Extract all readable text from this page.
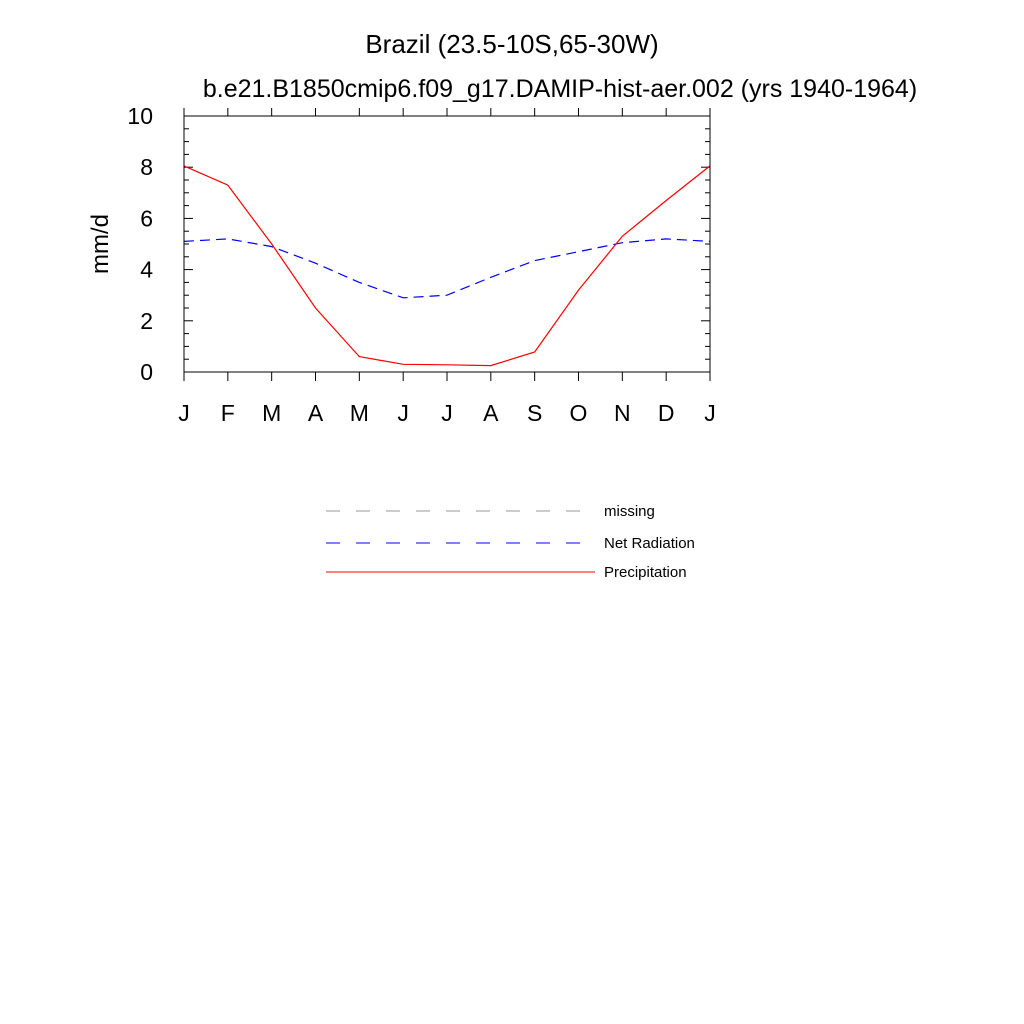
Brazil (23.5-10S,65-30W)
b.e21.B1850cmip6.f09_g17.DAMIP-hist-aer.002 (yrs 1940-1964)
mm/d
0
2
4
6
8
10
J F M A M J J A S O N D J
missing
Net Radiation
Precipitation
